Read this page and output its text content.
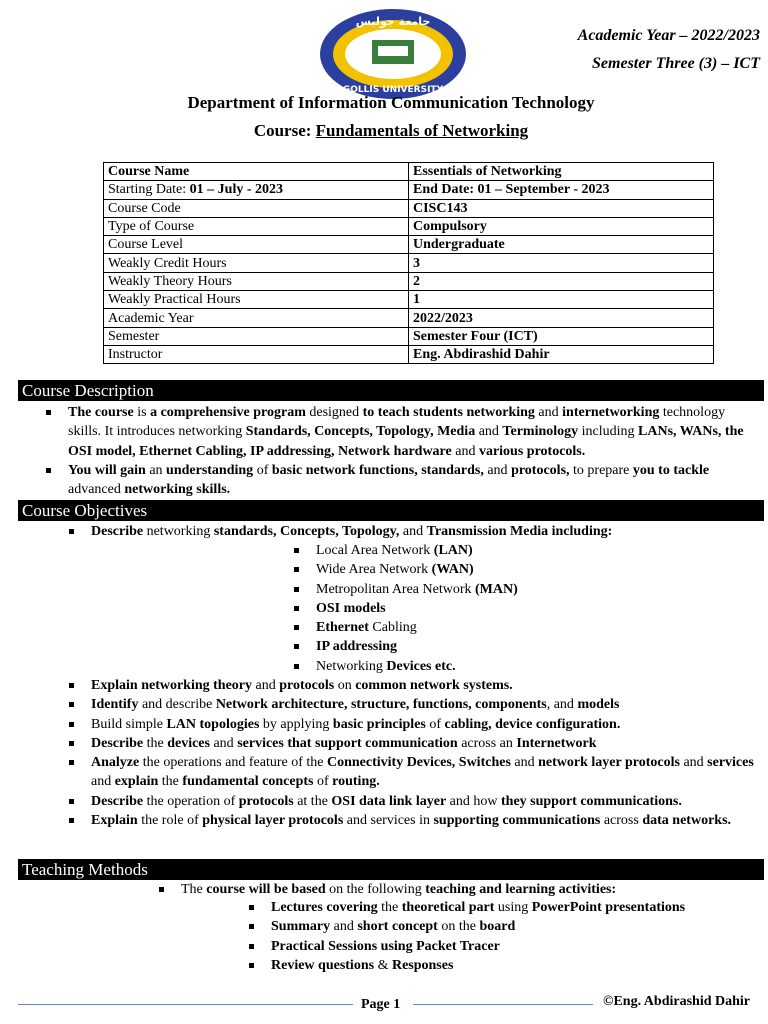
جامعة جوليس
GOLLIS UNIVERSITY
Academic Year – 2022/2023
Semester Three (3) – ICT
Department of Information Communication Technology
Course: Fundamentals of Networking
Course Name	Essentials of Networking
Starting Date: 01 – July - 2023	End Date: 01 – September - 2023
Course Code	CISC143
Type of Course	Compulsory
Course Level	Undergraduate
Weakly Credit Hours	3
Weakly Theory Hours	2
Weakly Practical Hours	1
Academic Year	2022/2023
Semester	Semester Four (ICT)
Instructor	Eng. Abdirashid Dahir
Course Description
The course is a comprehensive program designed to teach students networking and internetworking technology skills. It introduces networking Standards, Concepts, Topology, Media and Terminology including LANs, WANs, the OSI model, Ethernet Cabling, IP addressing, Network hardware and various protocols.
You will gain an understanding of basic network functions, standards, and protocols, to prepare you to tackle advanced networking skills.
Course Objectives
Describe networking standards, Concepts, Topology, and Transmission Media including:
Local Area Network (LAN)
Wide Area Network (WAN)
Metropolitan Area Network (MAN)
OSI models
Ethernet Cabling
IP addressing
Networking Devices etc.
Explain networking theory and protocols on common network systems.
Identify and describe Network architecture, structure, functions, components, and models
Build simple LAN topologies by applying basic principles of cabling, device configuration.
Describe the devices and services that support communication across an Internetwork
Analyze the operations and feature of the Connectivity Devices, Switches and network layer protocols and services and explain the fundamental concepts of routing.
Describe the operation of protocols at the OSI data link layer and how they support communications.
Explain the role of physical layer protocols and services in supporting communications across data networks.
Teaching Methods
The course will be based on the following teaching and learning activities:
Lectures covering the theoretical part using PowerPoint presentations
Summary and short concept on the board
Practical Sessions using Packet Tracer
Review questions & Responses
Page 1	©Eng. Abdirashid Dahir
